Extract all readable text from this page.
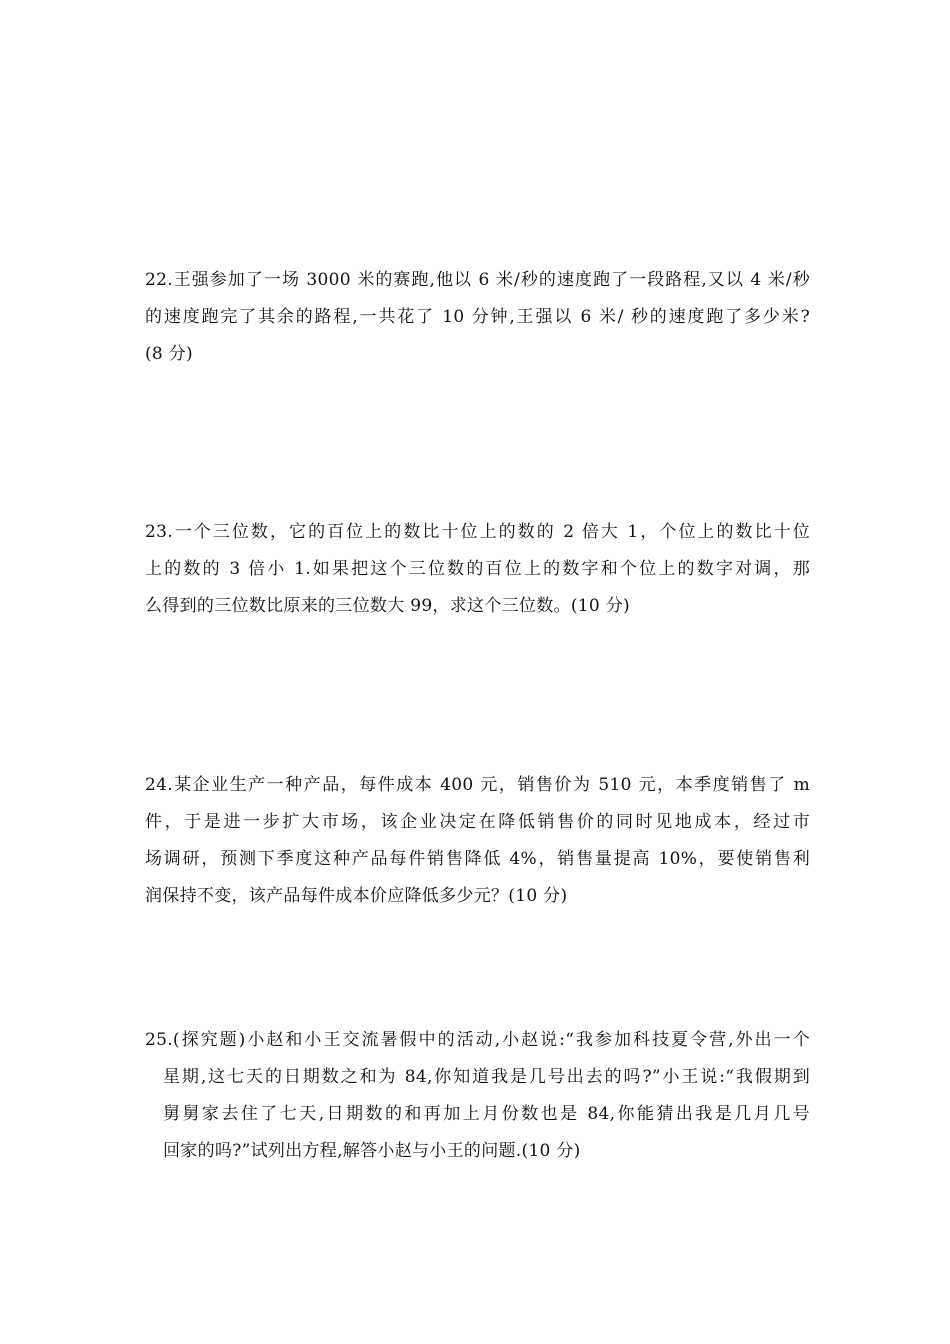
22.王强参加了一场 3000 米的赛跑,他以 6 米/秒的速度跑了一段路程,又以 4 米/秒
的速度跑完了其余的路程,一共花了 10 分钟,王强以 6 米/ 秒的速度跑了多少米?
(8 分)
23.一个三位数，它的百位上的数比十位上的数的 2 倍大 1，个位上的数比十位
上的数的 3 倍小 1.如果把这个三位数的百位上的数字和个位上的数字对调，那
么得到的三位数比原来的三位数大 99，求这个三位数。(10 分)
24.某企业生产一种产品，每件成本 400 元，销售价为 510 元，本季度销售了 m
件，于是进一步扩大市场，该企业决定在降低销售价的同时见地成本，经过市
场调研，预测下季度这种产品每件销售降低 4%，销售量提高 10%，要使销售利
润保持不变，该产品每件成本价应降低多少元？(10 分)
25.(探究题)小赵和小王交流暑假中的活动,小赵说:“我参加科技夏令营,外出一个
星期,这七天的日期数之和为 84,你知道我是几号出去的吗?”小王说:“我假期到
舅舅家去住了七天,日期数的和再加上月份数也是 84,你能猜出我是几月几号
回家的吗?”试列出方程,解答小赵与小王的问题.(10 分)
